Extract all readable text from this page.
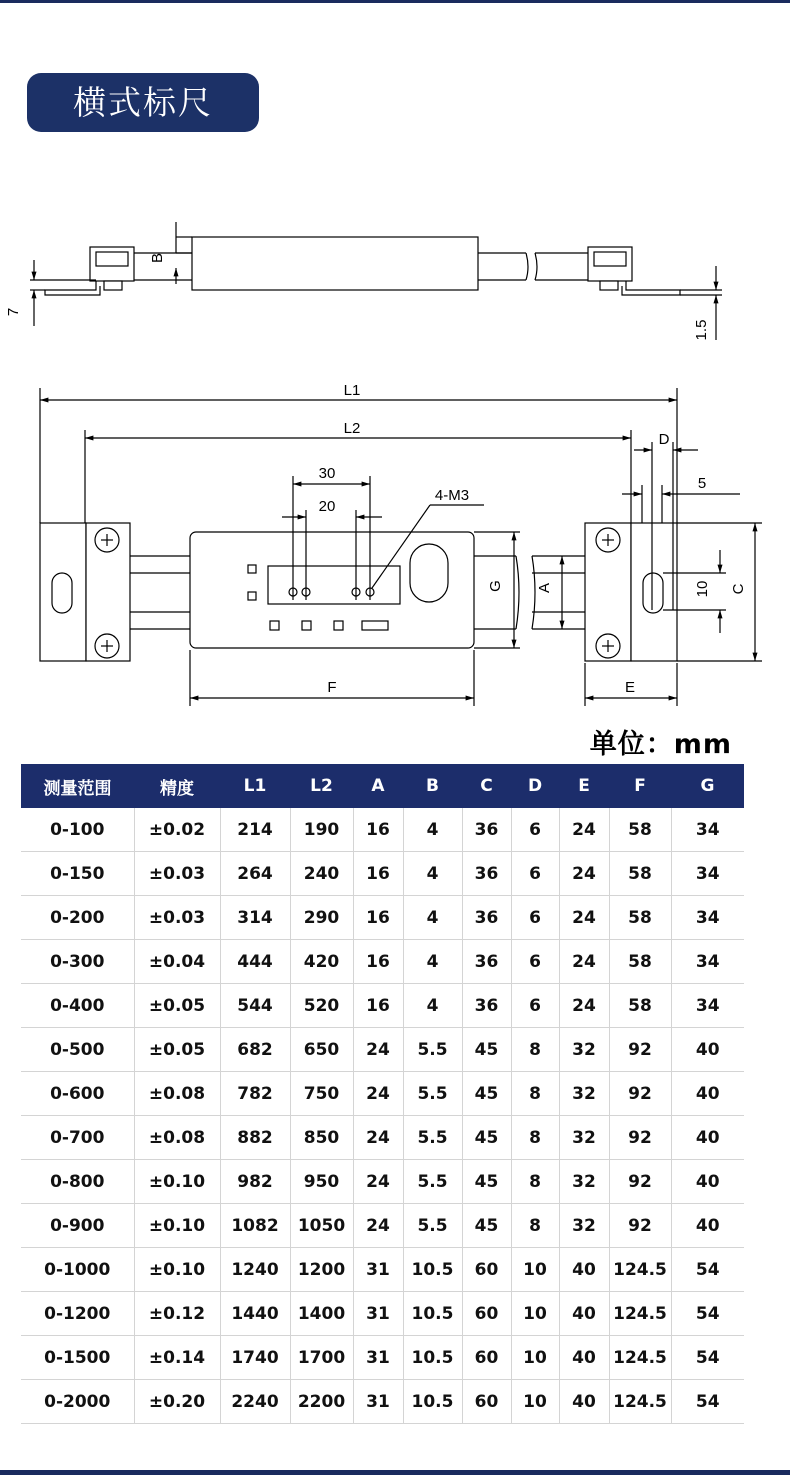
横式标尺
B
7
1.5
L1
L2
D
5
30
20
4-M3
G A	10 C
F	E
单位：mm
测量范围	精度	L1	L2	A	B	C	D	E	F	G
0-100	±0.02	214	190	16	4	36	6	24	58	34
0-150	±0.03	264	240	16	4	36	6	24	58	34
0-200	±0.03	314	290	16	4	36	6	24	58	34
0-300	±0.04	444	420	16	4	36	6	24	58	34
0-400	±0.05	544	520	16	4	36	6	24	58	34
0-500	±0.05	682	650	24	5.5	45	8	32	92	40
0-600	±0.08	782	750	24	5.5	45	8	32	92	40
0-700	±0.08	882	850	24	5.5	45	8	32	92	40
0-800	±0.10	982	950	24	5.5	45	8	32	92	40
0-900	±0.10	1082	1050	24	5.5	45	8	32	92	40
0-1000	±0.10	1240	1200	31	10.5	60	10	40	124.5	54
0-1200	±0.12	1440	1400	31	10.5	60	10	40	124.5	54
0-1500	±0.14	1740	1700	31	10.5	60	10	40	124.5	54
0-2000	±0.20	2240	2200	31	10.5	60	10	40	124.5	54
